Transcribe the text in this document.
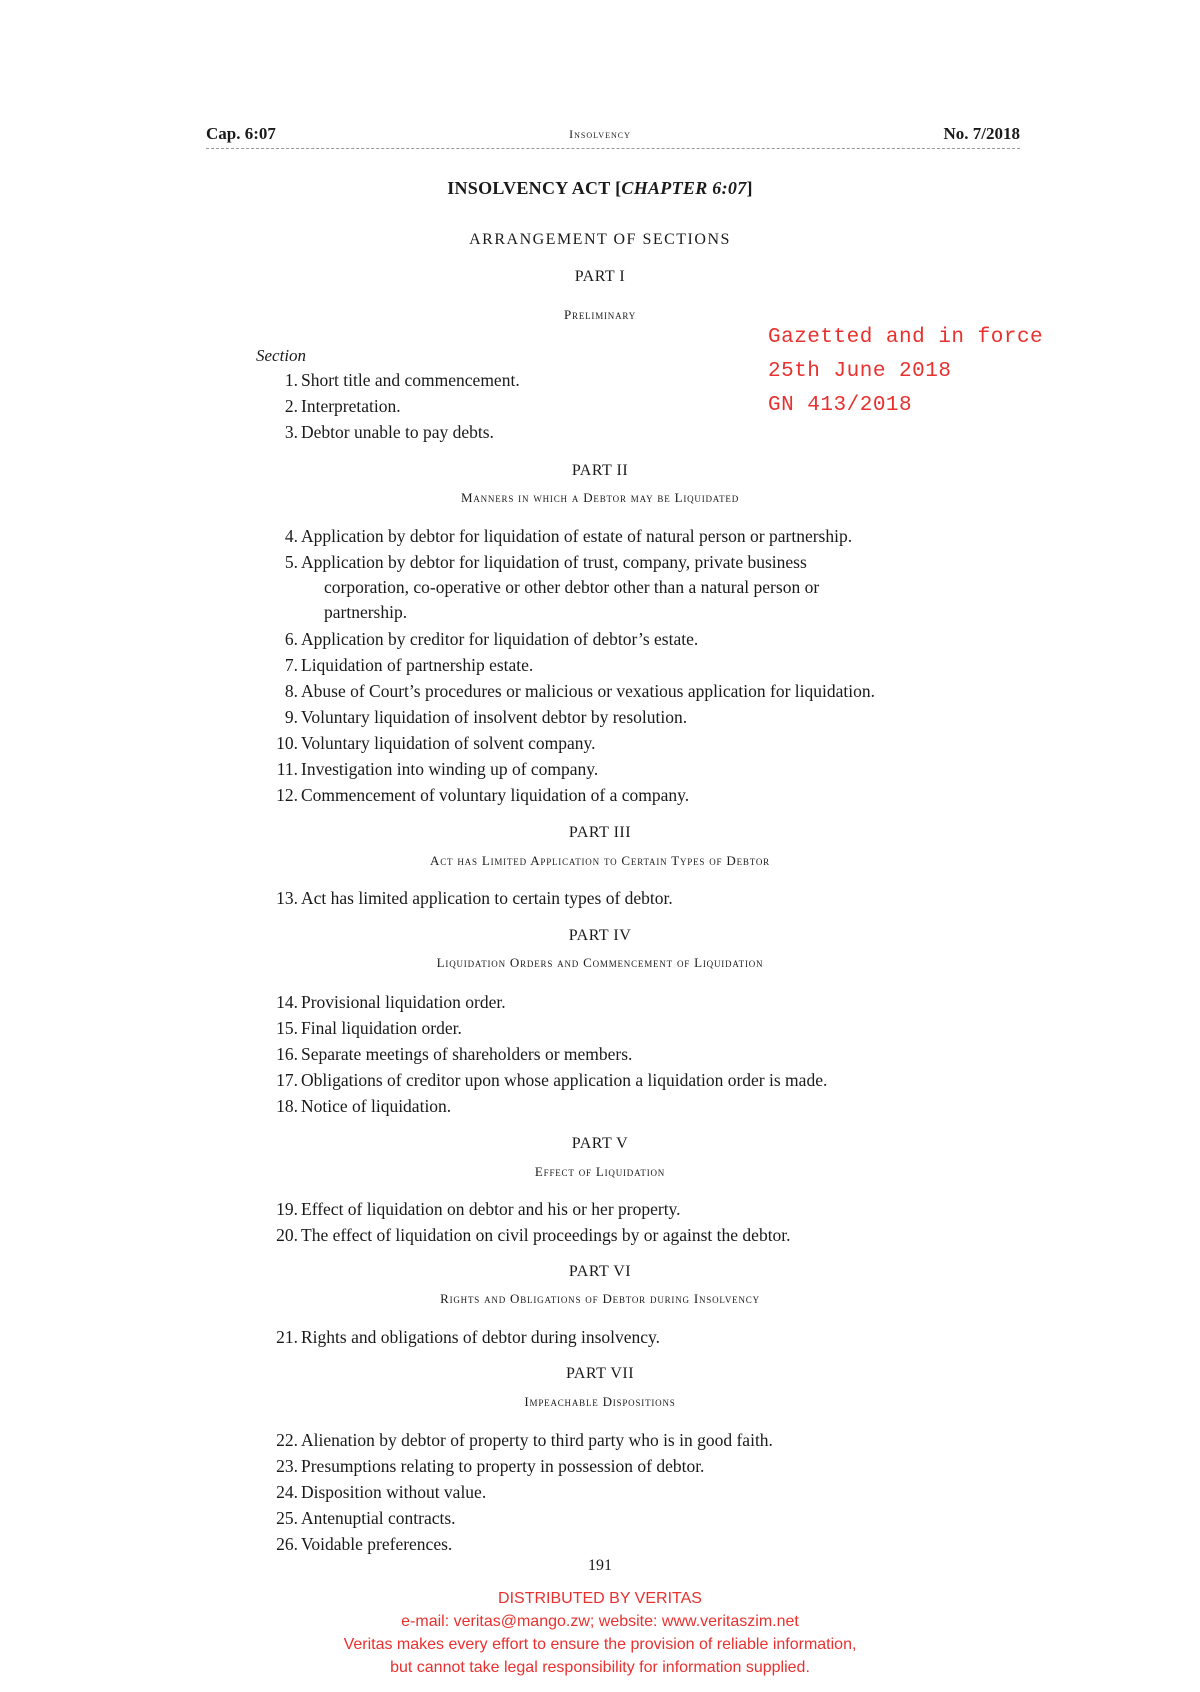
Cap. 6:07	Insolvency	No. 7/2018
INSOLVENCY ACT [CHAPTER 6:07]
ARRANGEMENT OF SECTIONS
Gazetted and in force
25th June 2018
GN 413/2018
PART I
Preliminary
Section
1. Short title and commencement.
2. Interpretation.
3. Debtor unable to pay debts.
PART II
Manners in which a Debtor may be Liquidated
4. Application by debtor for liquidation of estate of natural person or partnership.
5. Application by debtor for liquidation of trust, company, private business
corporation, co-operative or other debtor other than a natural person or
partnership.
6. Application by creditor for liquidation of debtor’s estate.
7. Liquidation of partnership estate.
8. Abuse of Court’s procedures or malicious or vexatious application for liquidation.
9. Voluntary liquidation of insolvent debtor by resolution.
10. Voluntary liquidation of solvent company.
11. Investigation into winding up of company.
12. Commencement of voluntary liquidation of a company.
PART III
Act has Limited Application to Certain Types of Debtor
13. Act has limited application to certain types of debtor.
PART IV
Liquidation Orders and Commencement of Liquidation
14. Provisional liquidation order.
15. Final liquidation order.
16. Separate meetings of shareholders or members.
17. Obligations of creditor upon whose application a liquidation order is made.
18. Notice of liquidation.
PART V
Effect of Liquidation
19. Effect of liquidation on debtor and his or her property.
20. The effect of liquidation on civil proceedings by or against the debtor.
PART VI
Rights and Obligations of Debtor during Insolvency
21. Rights and obligations of debtor during insolvency.
PART VII
Impeachable Dispositions
22. Alienation by debtor of property to third party who is in good faith.
23. Presumptions relating to property in possession of debtor.
24. Disposition without value.
25. Antenuptial contracts.
26. Voidable preferences.
191
DISTRIBUTED BY VERITAS
e-mail: veritas@mango.zw; website: www.veritaszim.net
Veritas makes every effort to ensure the provision of reliable information,
but cannot take legal responsibility for information supplied.
